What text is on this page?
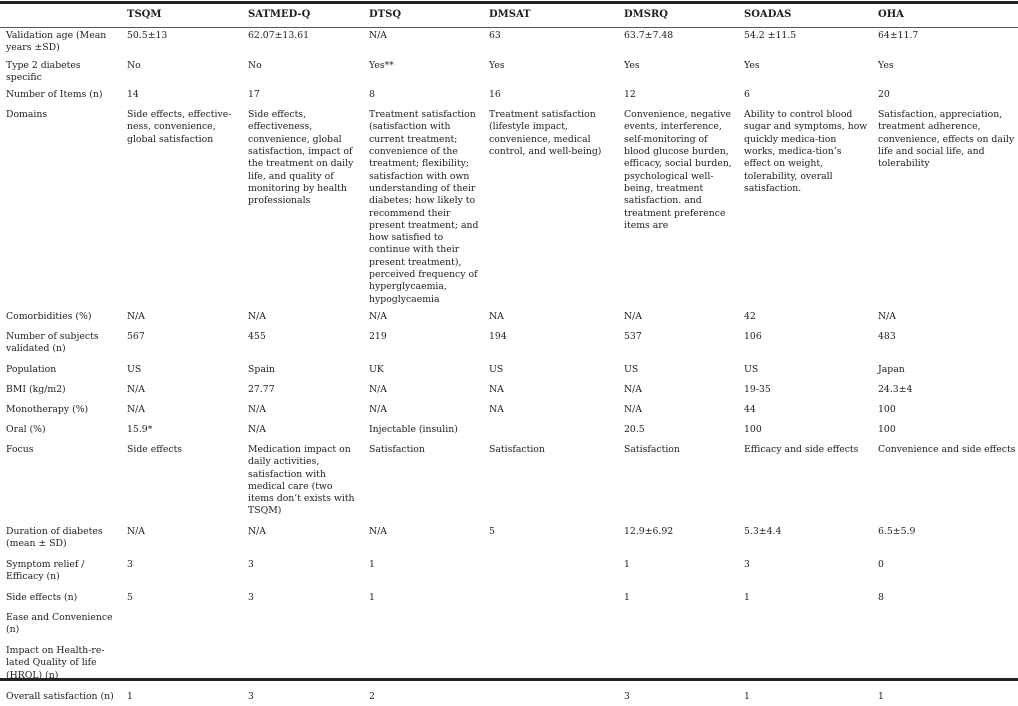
	TSQM	SATMED-Q	DTSQ	DMSAT	DMSRQ	SOADAS	OHA
Validation age (Mean years ±SD)	50.5±13	62.07±13.61	N/A	63	63.7±7.48	54.2 ±11.5	64±11.7
Type 2 diabetes specific	No	No	Yes**	Yes	Yes	Yes	Yes
Number of Items (n)	14	17	8	16	12	6	20
Domains	Side effects, effective-ness, convenience, global satisfaction	Side effects, effectiveness, convenience, global satisfaction, impact of the treatment on daily life, and quality of monitoring by health professionals	Treatment satisfaction (satisfaction with current treatment; convenience of the treatment; flexibility; satisfaction with own understanding of their diabetes; how likely to recommend their present treatment; and how satisfied to continue with their present treatment), perceived frequency of hyperglycaemia, hypoglycaemia	Treatment satisfaction (lifestyle impact, convenience, medical control, and well-being)	Convenience, negative events, interference, self-monitoring of blood glucose burden, efficacy, social burden, psychological well-being, treatment satisfaction. and treatment preference items are	Ability to control blood sugar and symptoms, how quickly medica-tion works, medica-tion’s effect on weight, tolerability, overall satisfaction.	Satisfaction, appreciation, treatment adherence, convenience, effects on daily life and social life, and tolerability
Comorbidities (%)	N/A	N/A	N/A	NA	N/A	42	N/A
Number of subjects validated (n)	567	455	219	194	537	106	483
Population	US	Spain	UK	US	US	US	Japan
BMI (kg/m2)	N/A	27.77	N/A	NA	N/A	19-35	24.3±4
Monotherapy (%)	N/A	N/A	N/A	NA	N/A	44	100
Oral (%)	15.9*	N/A	Injectable (insulin)		20.5	100	100
Focus	Side effects	Medication impact on daily activities, satisfaction with medical care (two items don’t exists with TSQM)	Satisfaction	Satisfaction	Satisfaction	Efficacy and side effects	Convenience and side effects
Duration of diabetes (mean ± SD)	N/A	N/A	N/A	5	12.9±6.92	5.3±4.4	6.5±5.9
Symptom relief / Efficacy (n)	3	3	1		1	3	0
Side effects (n)	5	3	1		1	1	8
Ease and Convenience (n)							
Impact on Health-re-lated Quality of life (HRQL) (n)							
Overall satisfaction (n)	1	3	2		3	1	1
